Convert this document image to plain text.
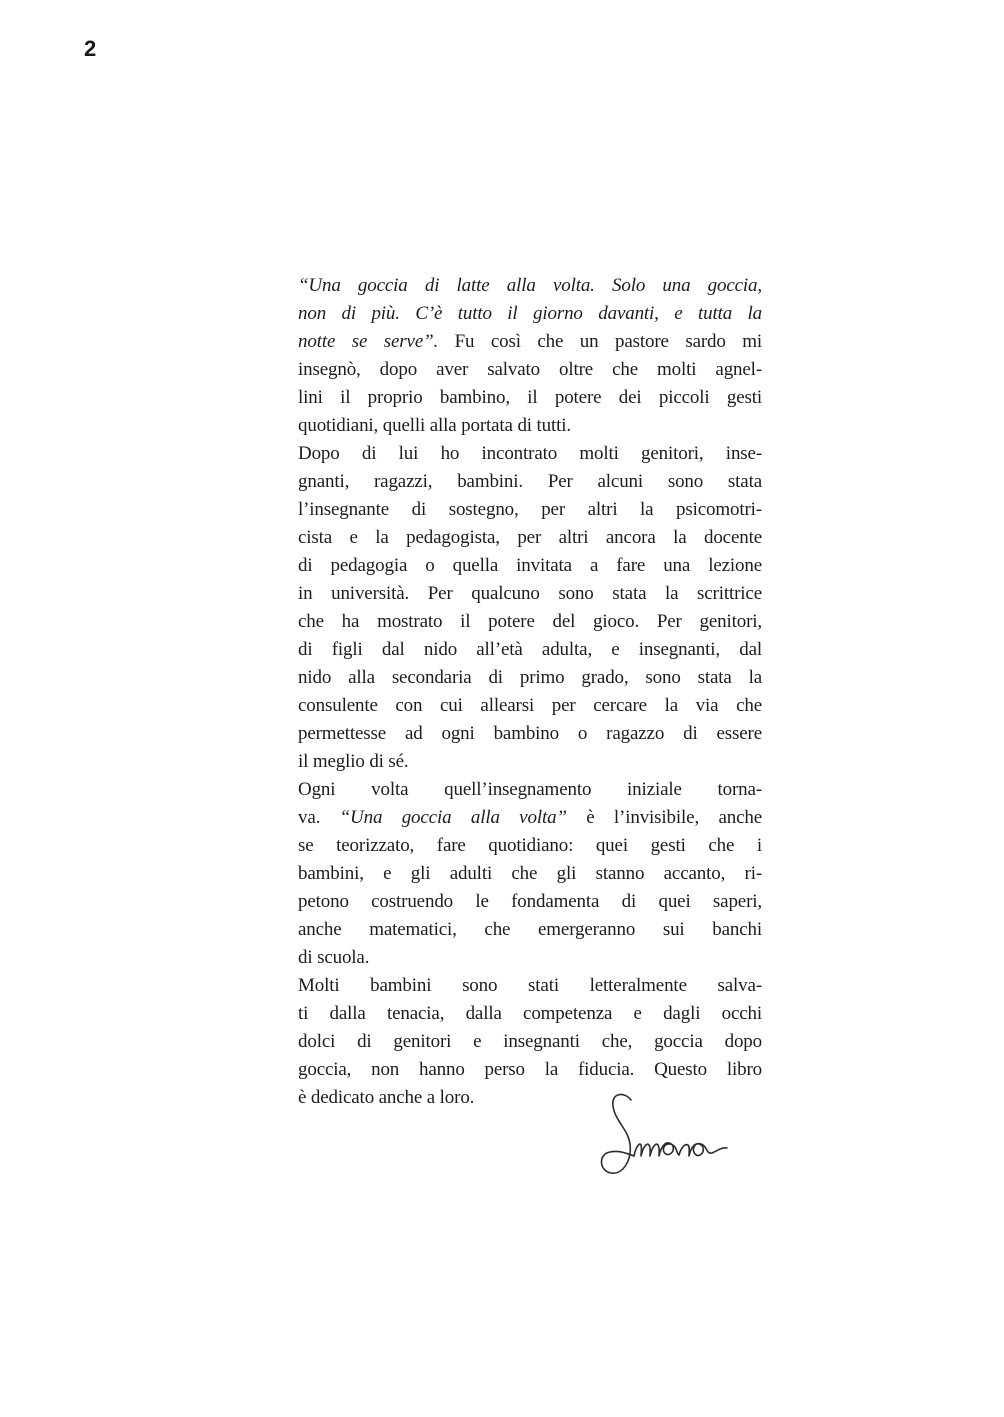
2
“Una goccia di latte alla volta. Solo una goccia,
non di più. C’è tutto il giorno davanti, e tutta la
notte se serve”. Fu così che un pastore sardo mi
insegnò, dopo aver salvato oltre che molti agnel-
lini il proprio bambino, il potere dei piccoli gesti
quotidiani, quelli alla portata di tutti.
Dopo di lui ho incontrato molti genitori, inse-
gnanti, ragazzi, bambini. Per alcuni sono stata
l’insegnante di sostegno, per altri la psicomotri-
cista e la pedagogista, per altri ancora la docente
di pedagogia o quella invitata a fare una lezione
in università. Per qualcuno sono stata la scrittrice
che ha mostrato il potere del gioco. Per genitori,
di figli dal nido all’età adulta, e insegnanti, dal
nido alla secondaria di primo grado, sono stata la
consulente con cui allearsi per cercare la via che
permettesse ad ogni bambino o ragazzo di essere
il meglio di sé.
Ogni volta quell’insegnamento iniziale torna-
va. “Una goccia alla volta” è l’invisibile, anche
se teorizzato, fare quotidiano: quei gesti che i
bambini, e gli adulti che gli stanno accanto, ri-
petono costruendo le fondamenta di quei saperi,
anche matematici, che emergeranno sui banchi
di scuola.
Molti bambini sono stati letteralmente salva-
ti dalla tenacia, dalla competenza e dagli occhi
dolci di genitori e insegnanti che, goccia dopo
goccia, non hanno perso la fiducia. Questo libro
è dedicato anche a loro.
